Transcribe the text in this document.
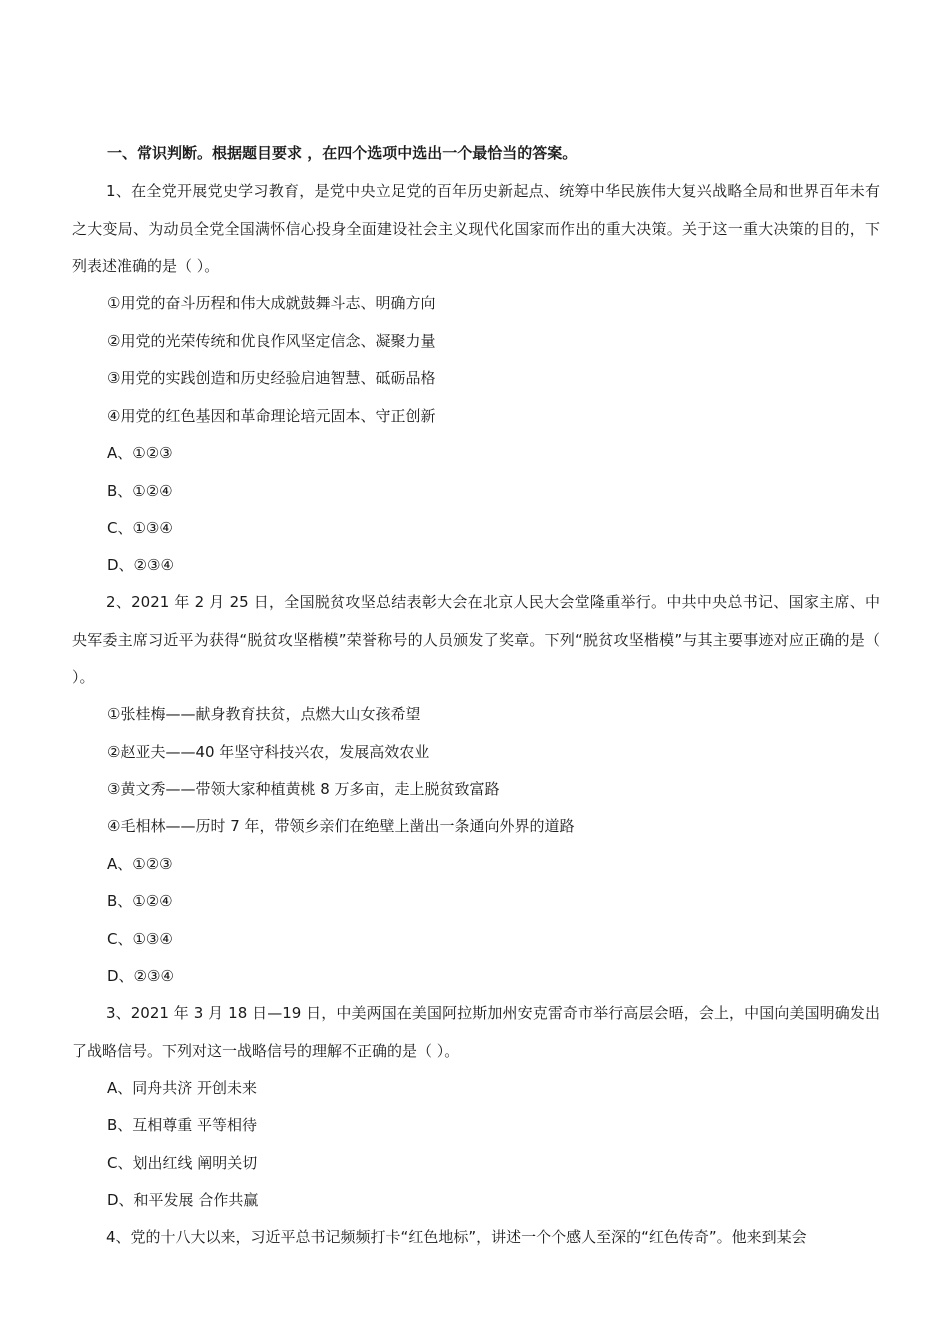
一、常识判断。根据题目要求 ，在四个选项中选出一个最恰当的答案。
1、在全党开展党史学习教育，是党中央立足党的百年历史新起点、统筹中华民族伟大复兴战略全局和世界百年未有之大变局、为动员全党全国满怀信心投身全面建设社会主义现代化国家而作出的重大决策。关于这一重大决策的目的，下列表述准确的是（ ）。
①用党的奋斗历程和伟大成就鼓舞斗志、明确方向
②用党的光荣传统和优良作风坚定信念、凝聚力量
③用党的实践创造和历史经验启迪智慧、砥砺品格
④用党的红色基因和革命理论培元固本、守正创新
A、①②③
B、①②④
C、①③④
D、②③④
2、2021 年 2 月 25 日，全国脱贫攻坚总结表彰大会在北京人民大会堂隆重举行。中共中央总书记、国家主席、中央军委主席习近平为获得“脱贫攻坚楷模”荣誉称号的人员颁发了奖章。下列“脱贫攻坚楷模”与其主要事迹对应正确的是（ ）。
①张桂梅——献身教育扶贫，点燃大山女孩希望
②赵亚夫——40 年坚守科技兴农，发展高效农业
③黄文秀——带领大家种植黄桃 8 万多亩，走上脱贫致富路
④毛相林——历时 7 年，带领乡亲们在绝壁上凿出一条通向外界的道路
A、①②③
B、①②④
C、①③④
D、②③④
3、2021 年 3 月 18 日—19 日，中美两国在美国阿拉斯加州安克雷奇市举行高层会晤，会上，中国向美国明确发出了战略信号。下列对这一战略信号的理解不正确的是（ ）。
A、同舟共济 开创未来
B、互相尊重 平等相待
C、划出红线 阐明关切
D、和平发展 合作共赢
4、党的十八大以来，习近平总书记频频打卡“红色地标”，讲述一个个感人至深的“红色传奇”。他来到某会
